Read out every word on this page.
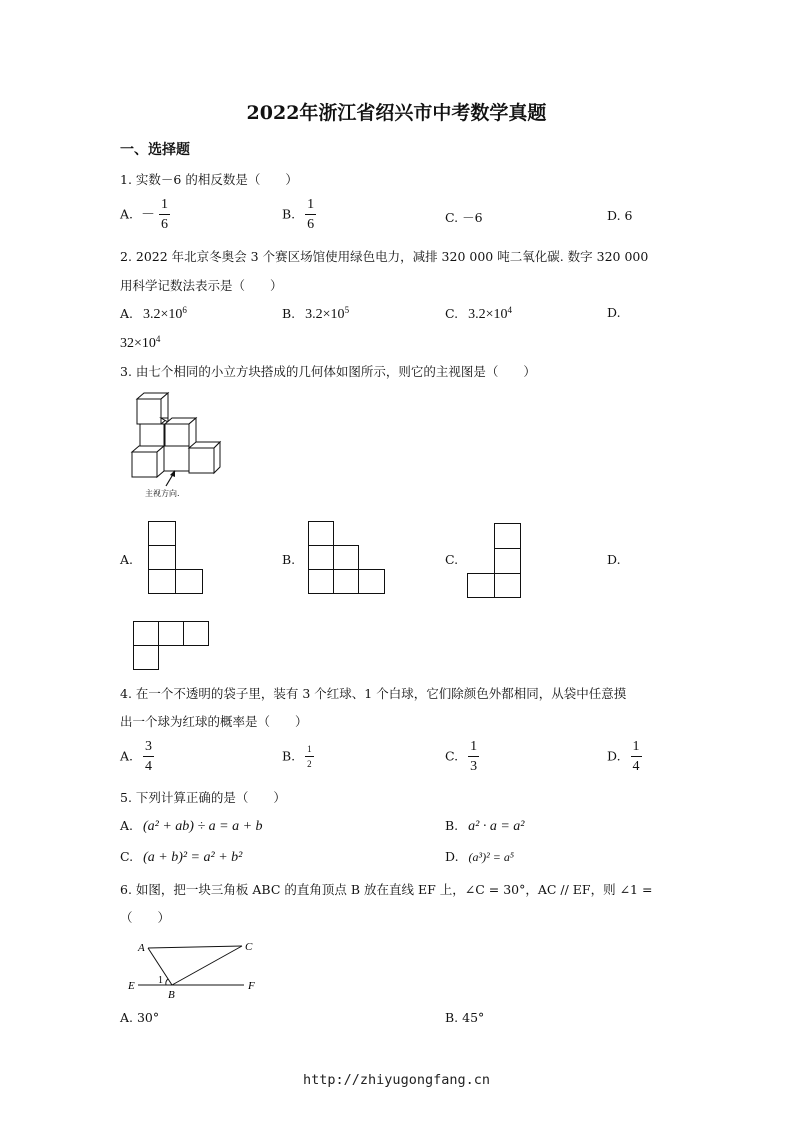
2022年浙江省绍兴市中考数学真题
一、选择题
1. 实数－6 的相反数是（　　）
A. － $\frac{1}{6}$	B. $\frac{1}{6}$	C. －6	D. 6
2. 2022 年北京冬奥会 3 个赛区场馆使用绿色电力，减排 320 000 吨二氧化碳. 数字 320 000
用科学记数法表示是（　　）
A. $3.2\times 10^6$	B. $3.2\times 10^5$	C. $3.2\times 10^4$	D.
$32\times 10^4$
3. 由七个相同的小立方块搭成的几何体如图所示，则它的主视图是（　　）
主视方向.
A.	B.	C.	D.
4. 在一个不透明的袋子里，装有 3 个红球、1 个白球，它们除颜色外都相同，从袋中任意摸
出一个球为红球的概率是（　　）
A. $\frac{3}{4}$	B. $\frac{1}{2}$	C. $\frac{1}{3}$	D. $\frac{1}{4}$
5. 下列计算正确的是（　　）
A. (a² + ab) ÷ a = a + b	B. a² · a = a²
C. (a + b)² = a² + b²	D. (a³)² = a⁵
6. 如图，把一块三角板 ABC 的直角顶点 B 放在直线 EF 上，∠C = 30°，AC // EF，则 ∠1 =
（　　）
A	C
E	F
B
1
A. 30°	B. 45°
http://zhiyugongfang.cn
